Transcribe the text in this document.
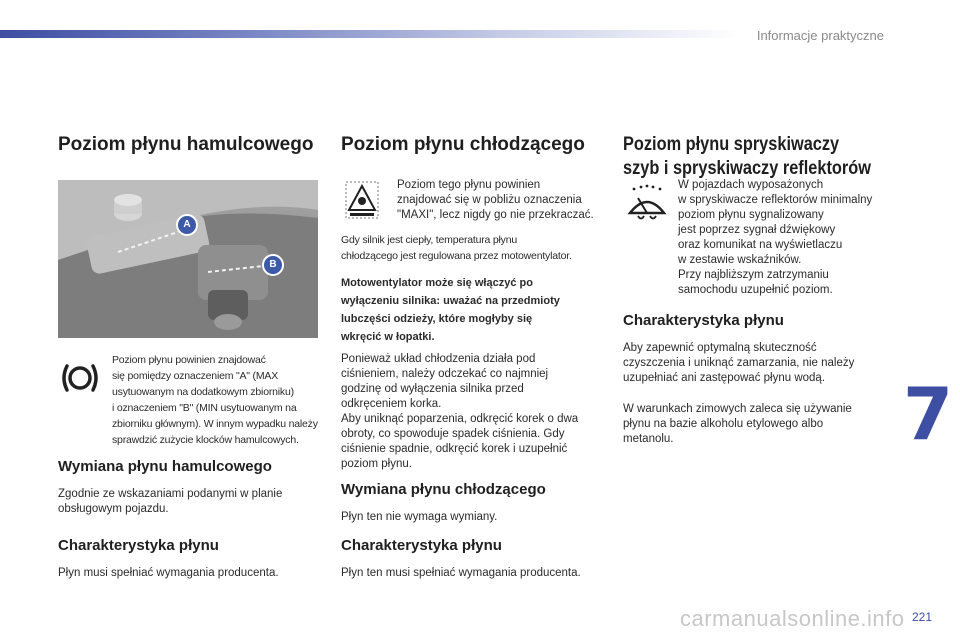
Informacje praktyczne
Poziom płynu hamulcowego
A
B

Poziom płynu powinien znajdować

się pomiędzy oznaczeniem "A" (MAX

usytuowanym na dodatkowym zbiorniku)

i oznaczeniem "B" (MIN usytuowanym na

zbiorniku głównym). W innym wypadku należy

sprawdzić zużycie klocków hamulcowych.

Wymiana płynu hamulcowego

Zgodnie ze wskazaniami podanymi w planie

obsługowym pojazdu.

Charakterystyka płynu

Płyn musi spełniać wymagania producenta.

Poziom płynu chłodzącego

Poziom tego płynu powinien

znajdować się w pobliżu oznaczenia

"MAXI", lecz nigdy go nie przekraczać.

Gdy silnik jest ciepły, temperatura płynu

chłodzącego jest regulowana przez motowentylator.

Motowentylator może się włączyć po

wyłączeniu silnika: uważać na przedmioty

lubczęści odzieży, które mogłyby się

wkręcić w łopatki.

Ponieważ układ chłodzenia działa pod

ciśnieniem, należy odczekać co najmniej

godzinę od wyłączenia silnika przed

odkręceniem korka.

Aby uniknąć poparzenia, odkręcić korek o dwa

obroty, co spowoduje spadek ciśnienia. Gdy

ciśnienie spadnie, odkręcić korek i uzupełnić

poziom płynu.

Wymiana płynu chłodzącego

Płyn ten nie wymaga wymiany.

Charakterystyka płynu

Płyn ten musi spełniać wymagania producenta.

Poziom płynu spryskiwaczy
szyb i spryskiwaczy reflektorów

W pojazdach wyposażonych

w spryskiwacze reflektorów minimalny

poziom płynu sygnalizowany

jest poprzez sygnał dźwiękowy

oraz komunikat na wyświetlaczu

w zestawie wskaźników.

Przy najbliższym zatrzymaniu

samochodu uzupełnić poziom.

Charakterystyka płynu

Aby zapewnić optymalną skuteczność

czyszczenia i uniknąć zamarzania, nie należy

uzupełniać ani zastępować płynu wodą.

W warunkach zimowych zaleca się używanie

płynu na bazie alkoholu etylowego albo

metanolu.	7
carmanualsonline.info 221
